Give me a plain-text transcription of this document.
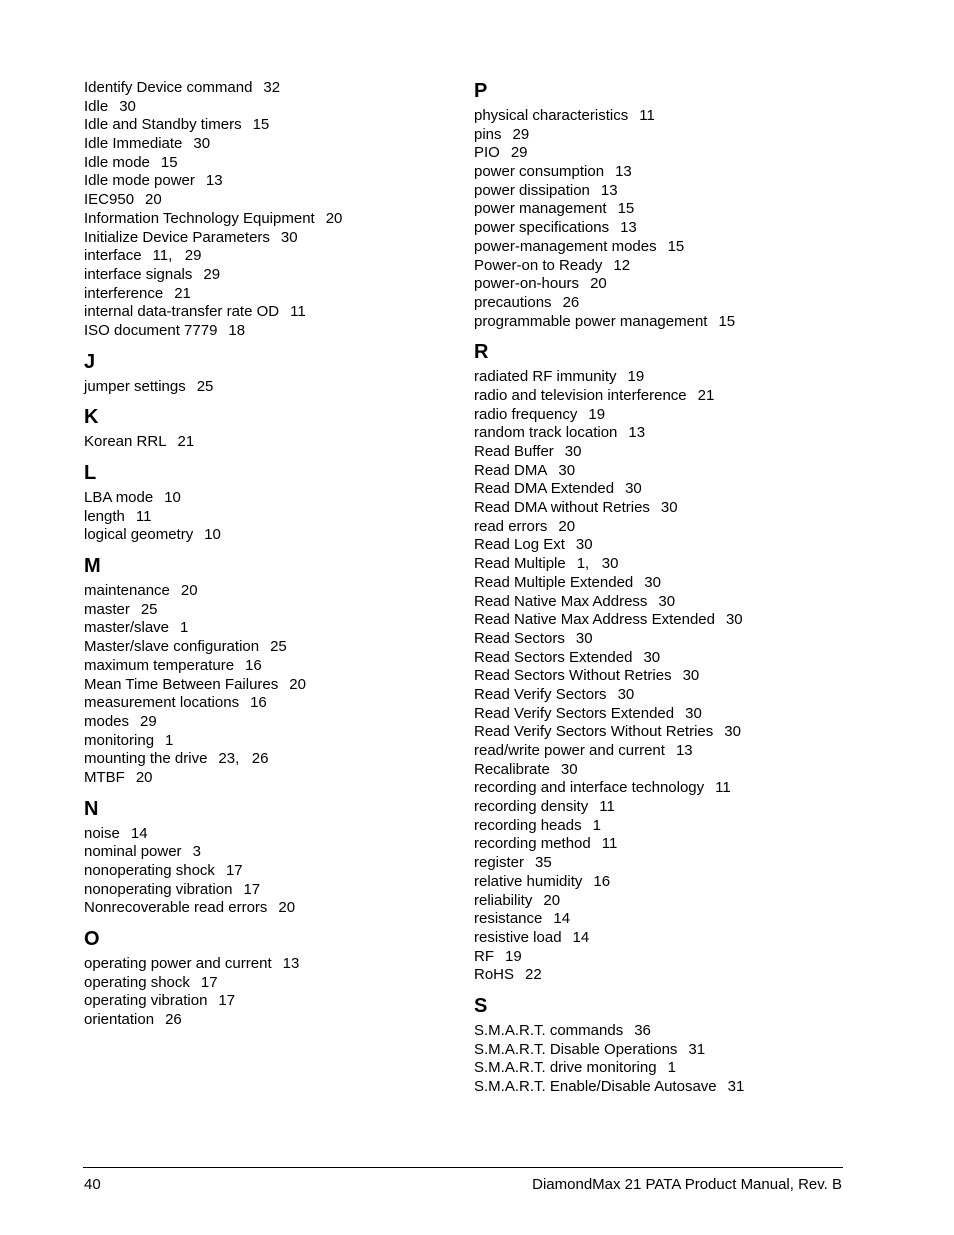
Identify Device command 32
Idle 30
Idle and Standby timers 15
Idle Immediate 30
Idle mode 15
Idle mode power 13
IEC950 20
Information Technology Equipment 20
Initialize Device Parameters 30
interface 11,   29
interface signals 29
interference 21
internal data-transfer rate OD 11
ISO document 7779 18
J
jumper settings 25
K
Korean RRL 21
L
LBA mode 10
length 11
logical geometry 10
M
maintenance 20
master 25
master/slave 1
Master/slave configuration 25
maximum temperature 16
Mean Time Between Failures 20
measurement locations 16
modes 29
monitoring 1
mounting the drive 23,   26
MTBF 20
N
noise 14
nominal power 3
nonoperating shock 17
nonoperating vibration 17
Nonrecoverable read errors 20
O
operating power and current 13
operating shock 17
operating vibration 17
orientation 26
P
physical characteristics 11
pins 29
PIO 29
power consumption 13
power dissipation 13
power management 15
power specifications 13
power-management modes 15
Power-on to Ready 12
power-on-hours 20
precautions 26
programmable power management 15
R
radiated RF immunity 19
radio and television interference 21
radio frequency 19
random track location 13
Read Buffer 30
Read DMA 30
Read DMA Extended 30
Read DMA without Retries 30
read errors 20
Read Log Ext 30
Read Multiple 1,   30
Read Multiple Extended 30
Read Native Max Address 30
Read Native Max Address Extended 30
Read Sectors 30
Read Sectors Extended 30
Read Sectors Without Retries 30
Read Verify Sectors 30
Read Verify Sectors Extended 30
Read Verify Sectors Without Retries 30
read/write power and current 13
Recalibrate 30
recording and interface technology 11
recording density 11
recording heads 1
recording method 11
register 35
relative humidity 16
reliability 20
resistance 14
resistive load 14
RF 19
RoHS 22
S
S.M.A.R.T. commands 36
S.M.A.R.T. Disable Operations 31
S.M.A.R.T. drive monitoring 1
S.M.A.R.T. Enable/Disable Autosave 31
40	DiamondMax 21 PATA Product Manual, Rev. B
